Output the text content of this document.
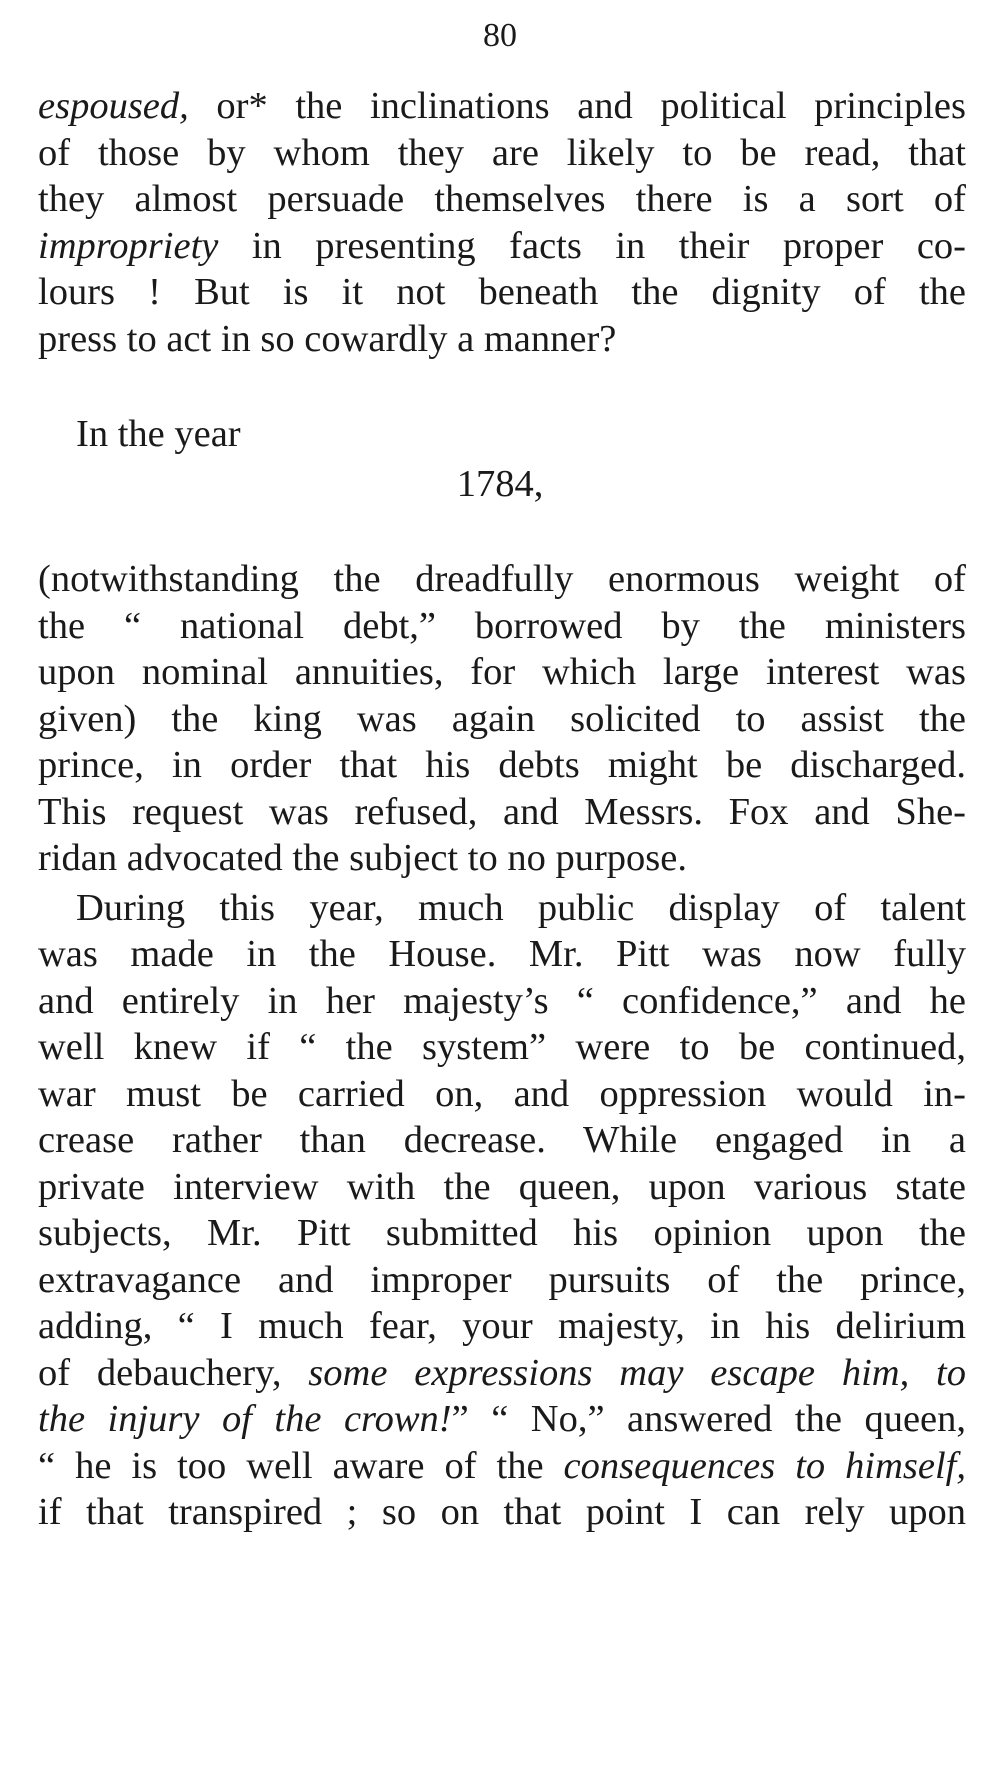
80
espoused, or* the inclinations and political principles
of those by whom they are likely to be read, that
they almost persuade themselves there is a sort of
impropriety in presenting facts in their proper co-
lours ! But is it not beneath the dignity of the
press to act in so cowardly a manner?
In the year
1784,
(notwithstanding the dreadfully enormous weight of
the “ national debt,” borrowed by the ministers
upon nominal annuities, for which large interest was
given) the king was again solicited to assist the
prince, in order that his debts might be discharged.
This request was refused, and Messrs. Fox and She-
ridan advocated the subject to no purpose.
During this year, much public display of talent
was made in the House. Mr. Pitt was now fully
and entirely in her majesty’s “ confidence,” and he
well knew if “ the system” were to be continued,
war must be carried on, and oppression would in-
crease rather than decrease. While engaged in a
private interview with the queen, upon various state
subjects, Mr. Pitt submitted his opinion upon the
extravagance and improper pursuits of the prince,
adding, “ I much fear, your majesty, in his delirium
of debauchery, some expressions may escape him, to
the injury of the crown!” “ No,” answered the queen,
“ he is too well aware of the consequences to himself,
if that transpired ; so on that point I can rely upon
